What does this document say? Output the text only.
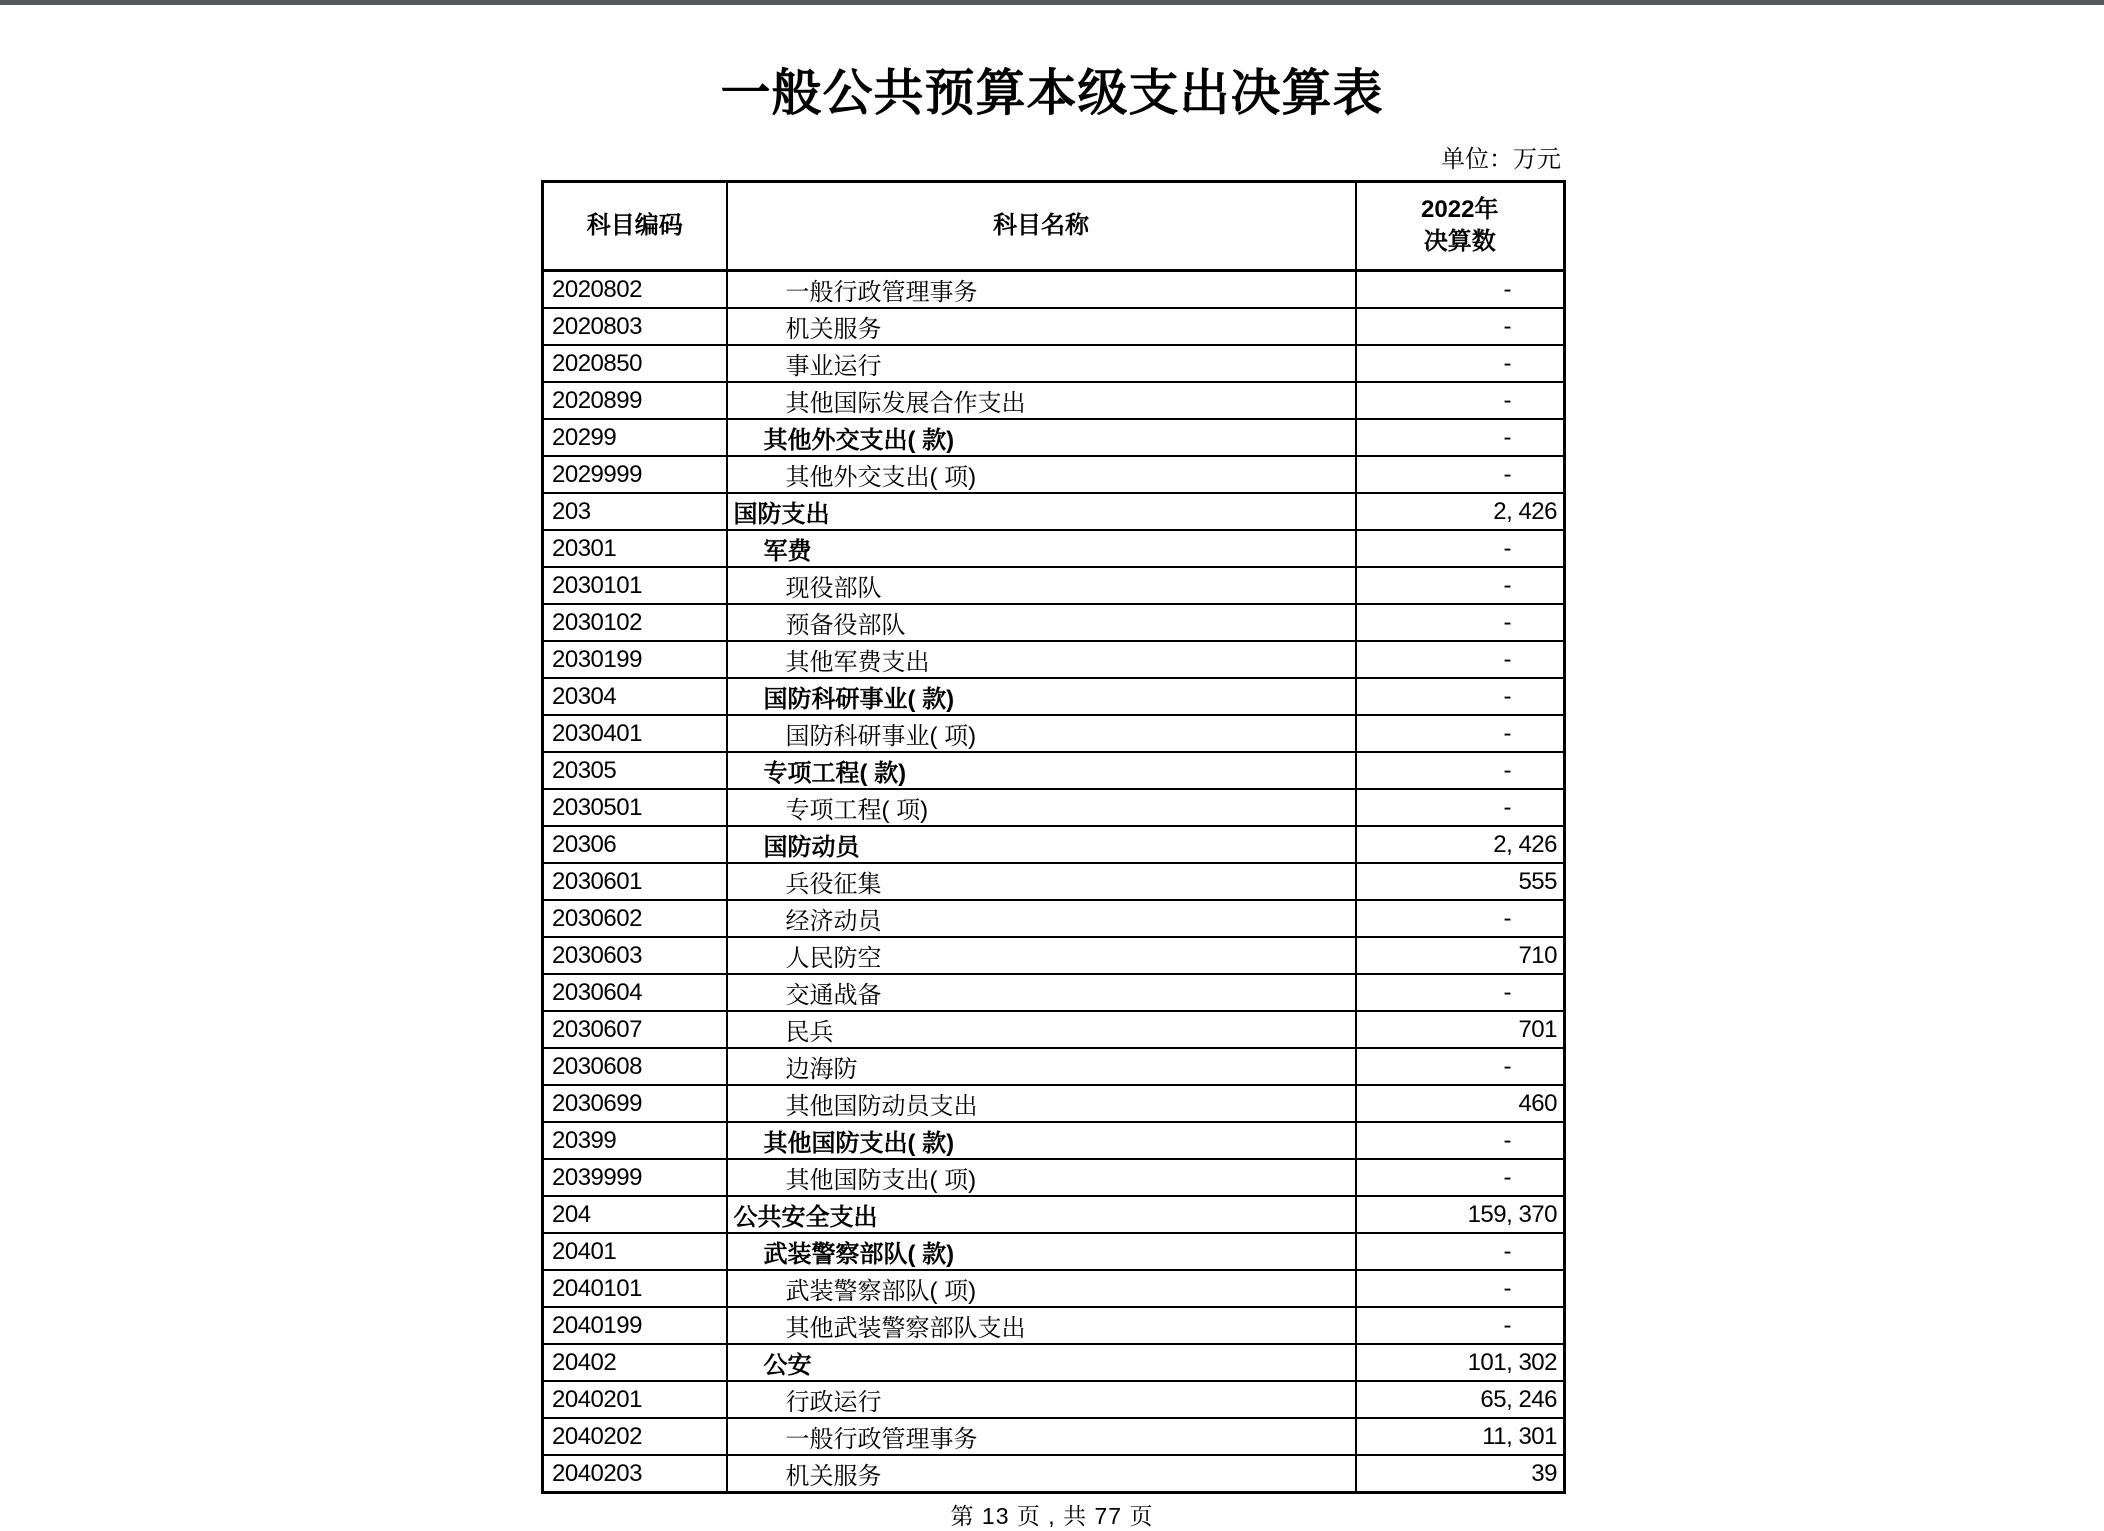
一般公共预算本级支出决算表
单位：万元
科目编码	科目名称	2022年
决算数
2020802	一般行政管理事务	-
2020803	机关服务	-
2020850	事业运行	-
2020899	其他国际发展合作支出	-
20299	其他外交支出( 款)	-
2029999	其他外交支出( 项)	-
203	国防支出	2, 426
20301	军费	-
2030101	现役部队	-
2030102	预备役部队	-
2030199	其他军费支出	-
20304	国防科研事业( 款)	-
2030401	国防科研事业( 项)	-
20305	专项工程( 款)	-
2030501	专项工程( 项)	-
20306	国防动员	2, 426
2030601	兵役征集	555
2030602	经济动员	-
2030603	人民防空	710
2030604	交通战备	-
2030607	民兵	701
2030608	边海防	-
2030699	其他国防动员支出	460
20399	其他国防支出( 款)	-
2039999	其他国防支出( 项)	-
204	公共安全支出	159, 370
20401	武装警察部队( 款)	-
2040101	武装警察部队( 项)	-
2040199	其他武装警察部队支出	-
20402	公安	101, 302
2040201	行政运行	65, 246
2040202	一般行政管理事务	11, 301
2040203	机关服务	39
第 13 页 , 共 77 页
